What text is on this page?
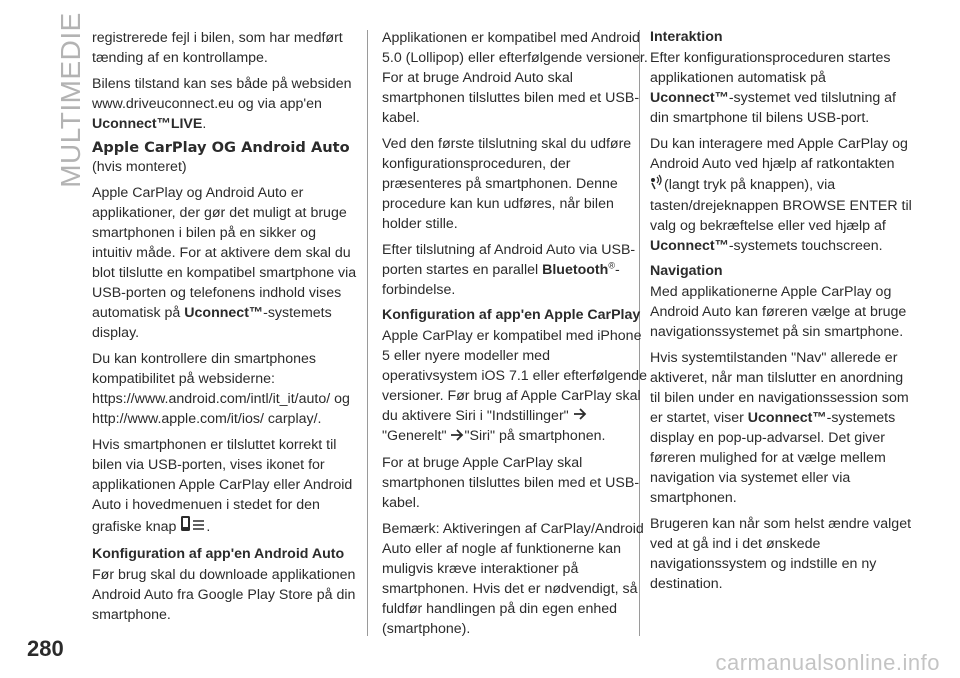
MULTIMEDIE
280
carmanualsonline.info

registrerede fejl i bilen, som har medført tænding af en kontrollampe.

Bilens tilstand kan ses både på websiden www.driveuconnect.eu og via app'en Uconnect™LIVE.

Apple CarPlay OG Android Auto

(hvis monteret)

Apple CarPlay og Android Auto er applikationer, der gør det muligt at bruge smartphonen i bilen på en sikker og intuitiv måde. For at aktivere dem skal du blot tilslutte en kompatibel smartphone via USB-porten og telefonens indhold vises automatisk på Uconnect™-systemets display.

Du kan kontrollere din smartphones kompatibilitet på websiderne: https://www.android.com/intl/it_it/auto/ og http://www.apple.com/it/ios/ carplay/.

Hvis smartphonen er tilsluttet korrekt til bilen via USB-porten, vises ikonet for applikationen Apple CarPlay eller Android Auto i hovedmenuen i stedet for den grafiske knap .

Konfiguration af app'en Android Auto

Før brug skal du downloade applikationen Android Auto fra Google Play Store på din smartphone.

Applikationen er kompatibel med Android 5.0 (Lollipop) eller efterfølgende versioner. For at bruge Android Auto skal smartphonen tilsluttes bilen med et USB-kabel.

Ved den første tilslutning skal du udføre konfigurationsproceduren, der præsenteres på smartphonen. Denne procedure kan kun udføres, når bilen holder stille.

Efter tilslutning af Android Auto via USB-porten startes en parallel Bluetooth®-forbindelse.

Konfiguration af app'en Apple CarPlay

Apple CarPlay er kompatibel med iPhone 5 eller nyere modeller med operativsystem iOS 7.1 eller efterfølgende versioner. Før brug af Apple CarPlay skal du aktivere Siri i "Indstillinger" "Generelt" "Siri" på smartphonen.

For at bruge Apple CarPlay skal smartphonen tilsluttes bilen med et USB-kabel.

Bemærk: Aktiveringen af CarPlay/Android Auto eller af nogle af funktionerne kan muligvis kræve interaktioner på smartphonen. Hvis det er nødvendigt, så fuldfør handlingen på din egen enhed (smartphone).

Interaktion

Efter konfigurationsproceduren startes applikationen automatisk på Uconnect™-systemet ved tilslutning af din smartphone til bilens USB-port.

Du kan interagere med Apple CarPlay og Android Auto ved hjælp af ratkontakten (langt tryk på knappen), via tasten/drejeknappen BROWSE ENTER til valg og bekræftelse eller ved hjælp af Uconnect™-systemets touchscreen.

Navigation

Med applikationerne Apple CarPlay og Android Auto kan føreren vælge at bruge navigationssystemet på sin smartphone.

Hvis systemtilstanden "Nav" allerede er aktiveret, når man tilslutter en anordning til bilen under en navigationssession som er startet, viser Uconnect™-systemets display en pop-up-advarsel. Det giver føreren mulighed for at vælge mellem navigation via systemet eller via smartphonen.

Brugeren kan når som helst ændre valget ved at gå ind i det ønskede navigationssystem og indstille en ny destination.
